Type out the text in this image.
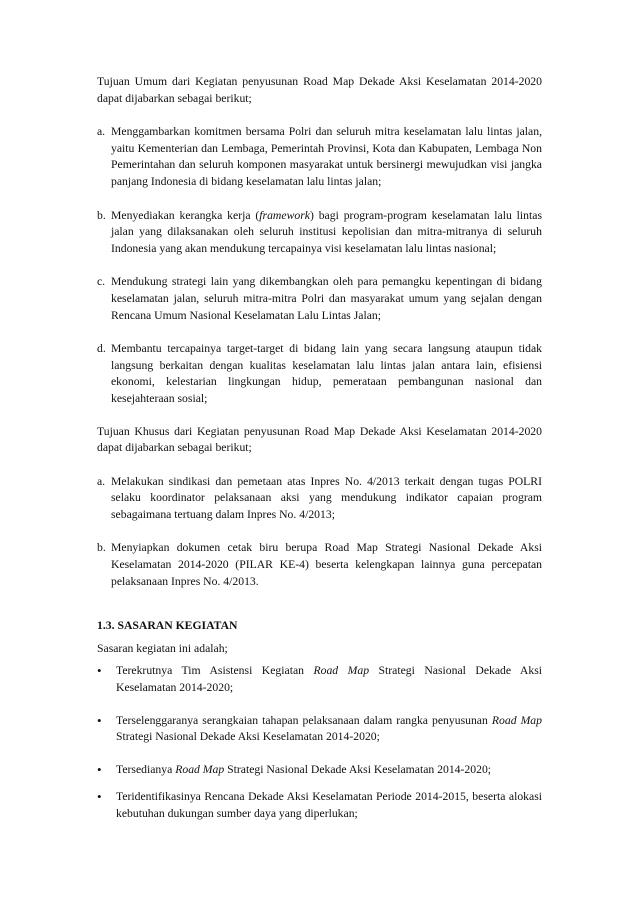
Tujuan Umum dari Kegiatan penyusunan Road Map Dekade Aksi Keselamatan 2014-2020 dapat dijabarkan sebagai berikut;

a. Menggambarkan komitmen bersama Polri dan seluruh mitra keselamatan lalu lintas jalan, yaitu Kementerian dan Lembaga, Pemerintah Provinsi, Kota dan Kabupaten, Lembaga Non Pemerintahan dan seluruh komponen masyarakat untuk bersinergi mewujudkan visi jangka panjang Indonesia di bidang keselamatan lalu lintas jalan;
b. Menyediakan kerangka kerja (framework) bagi program-program keselamatan lalu lintas jalan yang dilaksanakan oleh seluruh institusi kepolisian dan mitra-mitranya di seluruh Indonesia yang akan mendukung tercapainya visi keselamatan lalu lintas nasional;
c. Mendukung strategi lain yang dikembangkan oleh para pemangku kepentingan di bidang keselamatan jalan, seluruh mitra-mitra Polri dan masyarakat umum yang sejalan dengan Rencana Umum Nasional Keselamatan Lalu Lintas Jalan;
d. Membantu tercapainya target-target di bidang lain yang secara langsung ataupun tidak langsung berkaitan dengan kualitas keselamatan lalu lintas jalan antara lain, efisiensi ekonomi, kelestarian lingkungan hidup, pemerataan pembangunan nasional dan kesejahteraan sosial;

Tujuan Khusus dari Kegiatan penyusunan Road Map Dekade Aksi Keselamatan 2014-2020 dapat dijabarkan sebagai berikut;

a. Melakukan sindikasi dan pemetaan atas Inpres No. 4/2013 terkait dengan tugas POLRI selaku koordinator pelaksanaan aksi yang mendukung indikator capaian program sebagaimana tertuang dalam Inpres No. 4/2013;
b. Menyiapkan dokumen cetak biru berupa Road Map Strategi Nasional Dekade Aksi Keselamatan 2014-2020 (PILAR KE-4) beserta kelengkapan lainnya guna percepatan pelaksanaan Inpres No. 4/2013.

1.3. SASARAN KEGIATAN

Sasaran kegiatan ini adalah;

• Terekrutnya Tim Asistensi Kegiatan Road Map Strategi Nasional Dekade Aksi Keselamatan 2014-2020;
• Terselenggaranya serangkaian tahapan pelaksanaan dalam rangka penyusunan Road Map Strategi Nasional Dekade Aksi Keselamatan 2014-2020;
• Tersedianya Road Map Strategi Nasional Dekade Aksi Keselamatan 2014-2020;
• Teridentifikasinya Rencana Dekade Aksi Keselamatan Periode 2014-2015, beserta alokasi kebutuhan dukungan sumber daya yang diperlukan;
